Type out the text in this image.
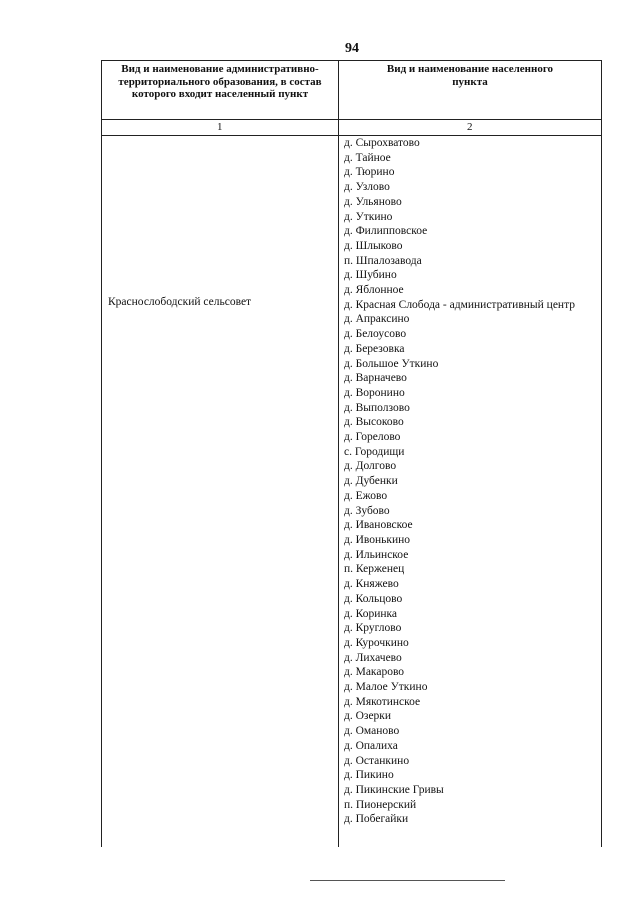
94
Вид и наименование административно-территориального образования, в состав которого входит населенный пункт
Вид и наименование населенного пункта
1	2
Краснослободский сельсовет
д. Сырохватово
д. Тайное
д. Тюрино
д. Узлово
д. Ульяново
д. Уткино
д. Филипповское
д. Шлыково
п. Шпалозавода
д. Шубино
д. Яблонное
д. Красная Слобода - административный центр
д. Апраксино
д. Белоусово
д. Березовка
д. Большое Уткино
д. Варначево
д. Воронино
д. Выползово
д. Высоково
д. Горелово
с. Городищи
д. Долгово
д. Дубенки
д. Ежово
д. Зубово
д. Ивановское
д. Ивонькино
д. Ильинское
п. Керженец
д. Княжево
д. Кольцово
д. Коринка
д. Круглово
д. Курочкино
д. Лихачево
д. Макарово
д. Малое Уткино
д. Мякотинское
д. Озерки
д. Оманово
д. Опалиха
д. Останкино
д. Пикино
д. Пикинские Гривы
п. Пионерский
д. Побегайки
